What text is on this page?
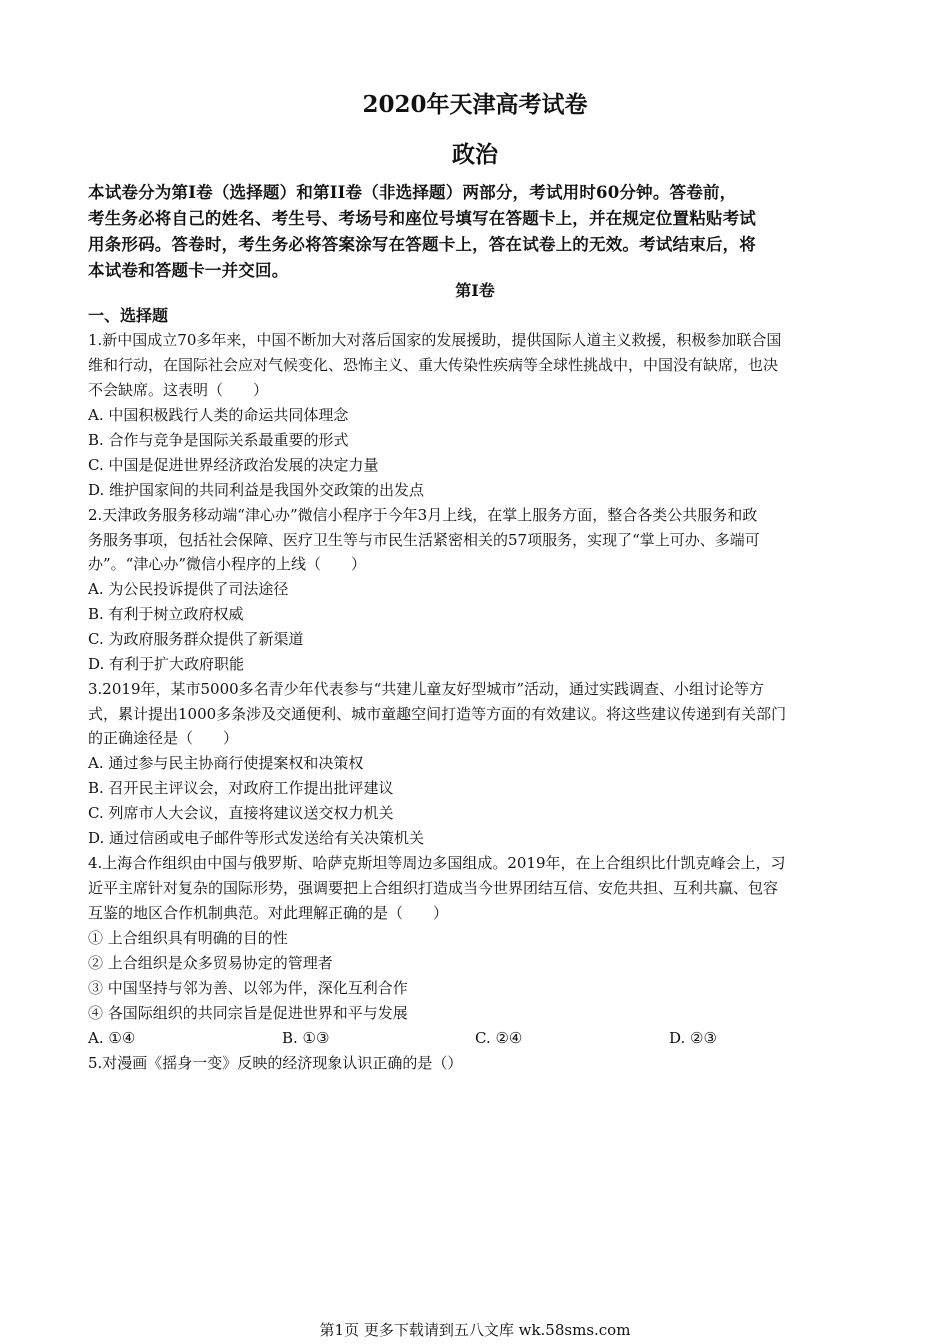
2020年天津高考试卷
政治
本试卷分为第Ⅰ卷（选择题）和第II卷（非选择题）两部分，考试用时60分钟。答卷前，
考生务必将自己的姓名、考生号、考场号和座位号填写在答题卡上，并在规定位置粘贴考试
用条形码。答卷时，考生务必将答案涂写在答题卡上，答在试卷上的无效。考试结束后，将
本试卷和答题卡一并交回。
第Ⅰ卷
一、选择题
1.新中国成立70多年来，中国不断加大对落后国家的发展援助，提供国际人道主义救援，积极参加联合国
维和行动，在国际社会应对气候变化、恐怖主义、重大传染性疾病等全球性挑战中，中国没有缺席，也决
不会缺席。这表明（　　）
A. 中国积极践行人类的命运共同体理念
B. 合作与竞争是国际关系最重要的形式
C. 中国是促进世界经济政治发展的决定力量
D. 维护国家间的共同利益是我国外交政策的出发点
2.天津政务服务移动端“津心办”微信小程序于今年3月上线，在掌上服务方面，整合各类公共服务和政
务服务事项，包括社会保障、医疗卫生等与市民生活紧密相关的57项服务，实现了“掌上可办、多端可
办”。“津心办”微信小程序的上线（　　）
A. 为公民投诉提供了司法途径
B. 有利于树立政府权威
C. 为政府服务群众提供了新渠道
D. 有利于扩大政府职能
3.2019年，某市5000多名青少年代表参与“共建儿童友好型城市”活动，通过实践调查、小组讨论等方
式，累计提出1000多条涉及交通便利、城市童趣空间打造等方面的有效建议。将这些建议传递到有关部门
的正确途径是（　　）
A. 通过参与民主协商行使提案权和决策权
B. 召开民主评议会，对政府工作提出批评建议
C. 列席市人大会议，直接将建议送交权力机关
D. 通过信函或电子邮件等形式发送给有关决策机关
4.上海合作组织由中国与俄罗斯、哈萨克斯坦等周边多国组成。2019年，在上合组织比什凯克峰会上，习
近平主席针对复杂的国际形势，强调要把上合组织打造成当今世界团结互信、安危共担、互利共赢、包容
互鉴的地区合作机制典范。对此理解正确的是（　　）
① 上合组织具有明确的目的性
② 上合组织是众多贸易协定的管理者
③ 中国坚持与邻为善、以邻为伴，深化互利合作
④ 各国际组织的共同宗旨是促进世界和平与发展
A. ①④	B. ①③	C. ②④	D. ②③
5.对漫画《摇身一变》反映的经济现象认识正确的是（）
第1页 更多下载请到五八文库 wk.58sms.com
